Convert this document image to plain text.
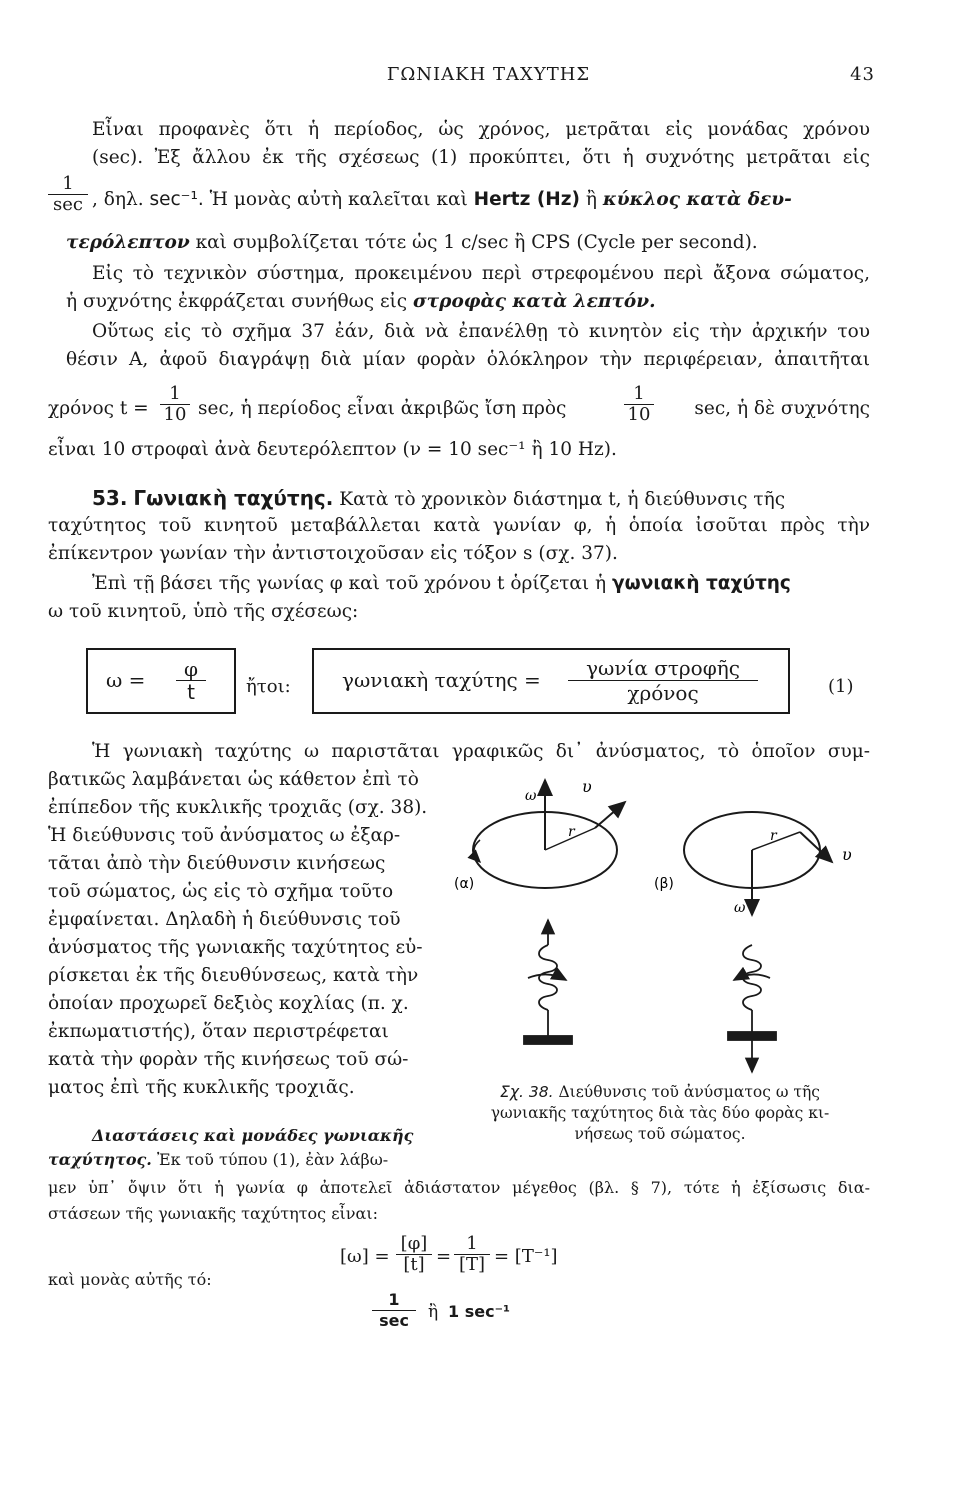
ΓΩΝΙΑΚΗ ΤΑΧΥΤΗΣ	43
Εἶναι προφανὲς ὅτι ἡ περίοδος, ὡς χρόνος, μετρᾶται εἰς μονάδας χρόνου
(sec). Ἐξ ἄλλου ἐκ τῆς σχέσεως (1) προκύπτει, ὅτι ἡ συχνότης μετρᾶται εἰς
1
sec , δηλ. sec⁻¹. Ἡ μονὰς αὐτὴ καλεῖται καὶ Hertz (Hz) ἢ κύκλος κατὰ δευ-
τερόλεπτον καὶ συμβολίζεται τότε ὡς 1 c/sec ἢ CPS (Cycle per second).
Εἰς τὸ τεχνικὸν σύστημα, προκειμένου περὶ στρεφομένου περὶ ἄξονα σώματος,
ἡ συχνότης ἐκφράζεται συνήθως εἰς στροφὰς κατὰ λεπτόν.
Οὕτως εἰς τὸ σχῆμα 37 ἐάν, διὰ νὰ ἐπανέλθῃ τὸ κινητὸν εἰς τὴν ἀρχικήν του
θέσιν Α, ἀφοῦ διαγράψῃ διὰ μίαν φορὰν ὁλόκληρον τὴν περιφέρειαν, ἀπαιτῆται
χρόνος $t = \frac{1}{10} \sec$, ἡ περίοδος εἶναι ἀκριβῶς ἴση πρὸς	$\frac{1}{10}$	sec, ἡ δὲ συχνότης
εἶναι 10 στροφαὶ ἀνὰ δευτερόλεπτον (ν = 10 sec⁻¹ ἢ 10 Hz).
53. Γωνιακὴ ταχύτης. Κατὰ τὸ χρονικὸν διάστημα t, ἡ διεύθυνσις τῆς
ταχύτητος τοῦ κινητοῦ μεταβάλλεται κατὰ γωνίαν φ, ἡ ὁποία ἰσοῦται πρὸς τὴν
ἐπίκεντρον γωνίαν τὴν ἀντιστοιχοῦσαν εἰς τόξον s (σχ. 37).
Ἐπὶ τῇ βάσει τῆς γωνίας φ καὶ τοῦ χρόνου t ὁρίζεται ἡ γωνιακὴ ταχύτης
ω τοῦ κινητοῦ, ὑπὸ τῆς σχέσεως:
$\omega = \frac{\varphi}{t}$ ἤτοι:	γωνιακὴ ταχύτης =	γωνία στροφῆς
χρόνος	(1)
Ἡ γωνιακὴ ταχύτης ω παριστᾶται γραφικῶς δι᾽ ἀνύσματος, τὸ ὁποῖον συμ-
βατικῶς λαμβάνεται ὡς κάθετον ἐπὶ τὸ
ἐπίπεδον τῆς κυκλικῆς τροχιᾶς (σχ. 38).
Ἡ διεύθυνσις τοῦ ἀνύσματος ω ἐξαρ-
τᾶται ἀπὸ τὴν διεύθυνσιν κινήσεως
τοῦ σώματος, ὡς εἰς τὸ σχῆμα τοῦτο
ἐμφαίνεται. Δηλαδὴ ἡ διεύθυνσις τοῦ
ἀνύσματος τῆς γωνιακῆς ταχύτητος εὑ-
ρίσκεται ἐκ τῆς διευθύνσεως, κατὰ τὴν
ὁποίαν προχωρεῖ δεξιὸς κοχλίας (π. χ.
ἐκπωματιστής), ὅταν περιστρέφεται
κατὰ τὴν φορὰν τῆς κινήσεως τοῦ σώ-
ματος ἐπὶ τῆς κυκλικῆς τροχιᾶς.
ω	υ
r
(α)
r
υ
ω
(β)
Σχ. 38. Διεύθυνσις τοῦ ἀνύσματος ω τῆς
γωνιακῆς ταχύτητος διὰ τὰς δύο φορὰς κι-
νήσεως τοῦ σώματος.
Διαστάσεις καὶ μονάδες γωνιακῆς
ταχύτητος. Ἐκ τοῦ τύπου (1), ἐὰν λάβω-
μεν ὑπ᾽ ὄψιν ὅτι ἡ γωνία φ ἀποτελεῖ ἀδιάστατον μέγεθος (βλ. § 7), τότε ἡ ἐξίσωσις δια-
στάσεων τῆς γωνιακῆς ταχύτητος εἶναι:
$[\omega] = \frac{[\varphi]}{[t]} = \frac{1}{[T]} = [T^{-1}]$
καὶ μονὰς αὐτῆς τό:
1
sec	ἢ 1 sec⁻¹
